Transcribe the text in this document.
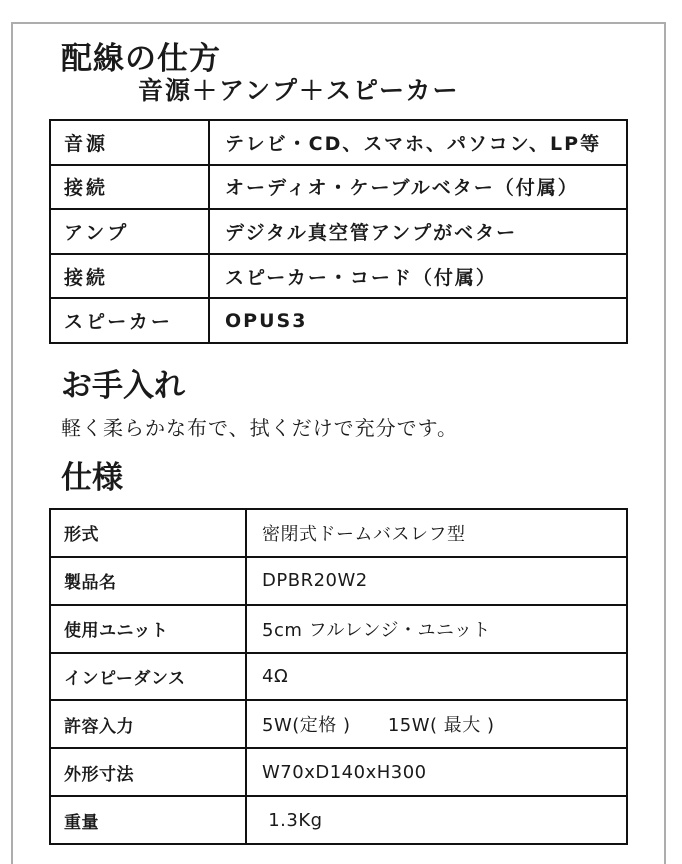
配線の仕方
音源＋アンプ＋スピーカー
音源	テレビ・CD、スマホ、パソコン、LP等
接続	オーディオ・ケーブルベター（付属）
アンプ	デジタル真空管アンプがベター
接続	スピーカー・コード（付属）
スピーカー	OPUS3
お手入れ
軽く柔らかな布で、拭くだけで充分です。
仕様
形式	密閉式ドームバスレフ型
製品名	DPBR20W2
使用ユニット	5cm フルレンジ・ユニット
インピーダンス	4Ω
許容入力	5W(定格 )      15W( 最大 )
外形寸法	W70xD140xH300
重量	1.3Kg
